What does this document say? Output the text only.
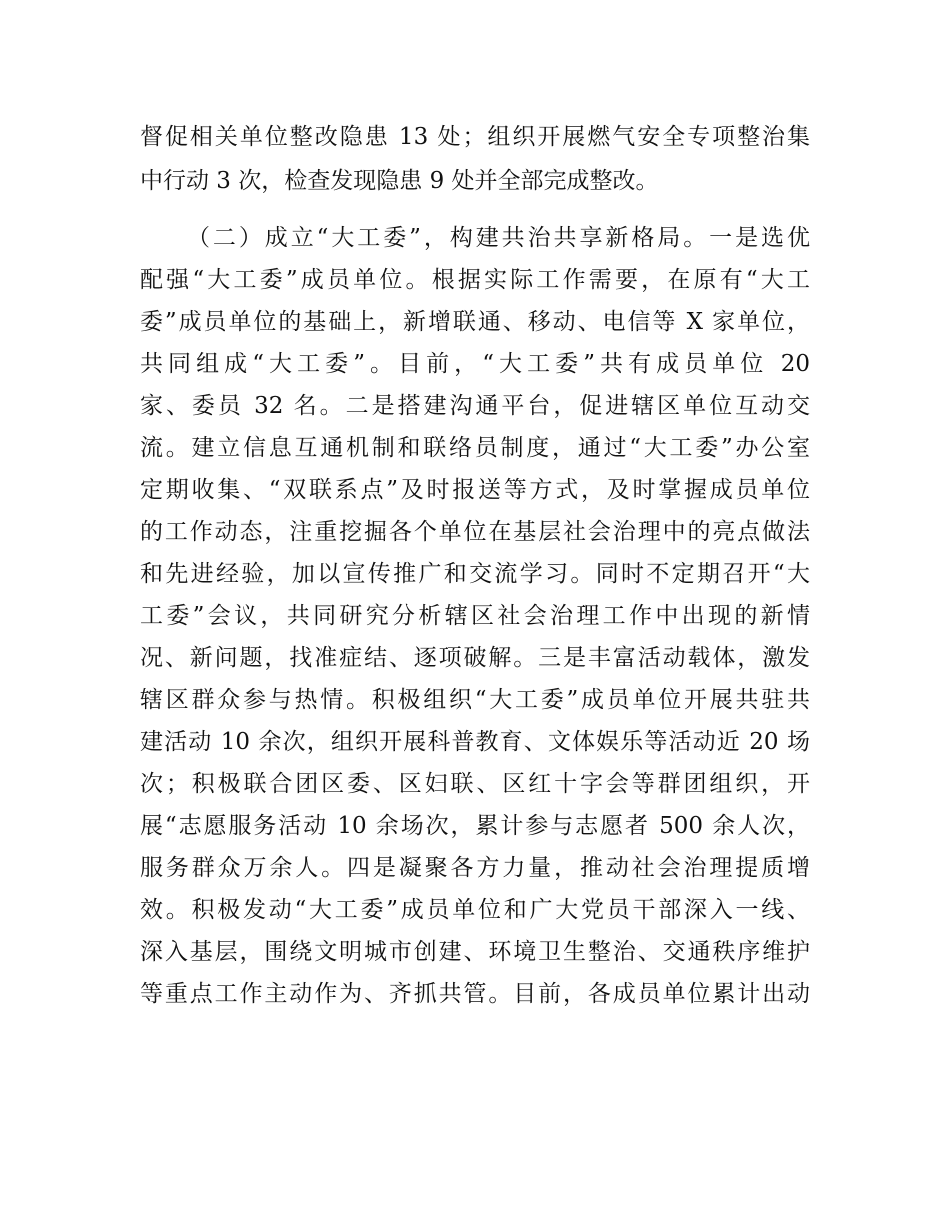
督促相关单位整改隐患 13 处；组织开展燃气安全专项整治集
中行动 3 次，检查发现隐患 9 处并全部完成整改。
（二）成立“大工委”，构建共治共享新格局。一是选优
配强“大工委”成员单位。根据实际工作需要，在原有“大工
委”成员单位的基础上，新增联通、移动、电信等 X 家单位，
共同组成“大工委”。目前，“大工委”共有成员单位 20
家、委员 32 名。二是搭建沟通平台，促进辖区单位互动交
流。建立信息互通机制和联络员制度，通过“大工委”办公室
定期收集、“双联系点”及时报送等方式，及时掌握成员单位
的工作动态，注重挖掘各个单位在基层社会治理中的亮点做法
和先进经验，加以宣传推广和交流学习。同时不定期召开“大
工委”会议，共同研究分析辖区社会治理工作中出现的新情
况、新问题，找准症结、逐项破解。三是丰富活动载体，激发
辖区群众参与热情。积极组织“大工委”成员单位开展共驻共
建活动 10 余次，组织开展科普教育、文体娱乐等活动近 20 场
次；积极联合团区委、区妇联、区红十字会等群团组织，开
展“志愿服务活动 10 余场次，累计参与志愿者 500 余人次，
服务群众万余人。四是凝聚各方力量，推动社会治理提质增
效。积极发动“大工委”成员单位和广大党员干部深入一线、
深入基层，围绕文明城市创建、环境卫生整治、交通秩序维护
等重点工作主动作为、齐抓共管。目前，各成员单位累计出动
